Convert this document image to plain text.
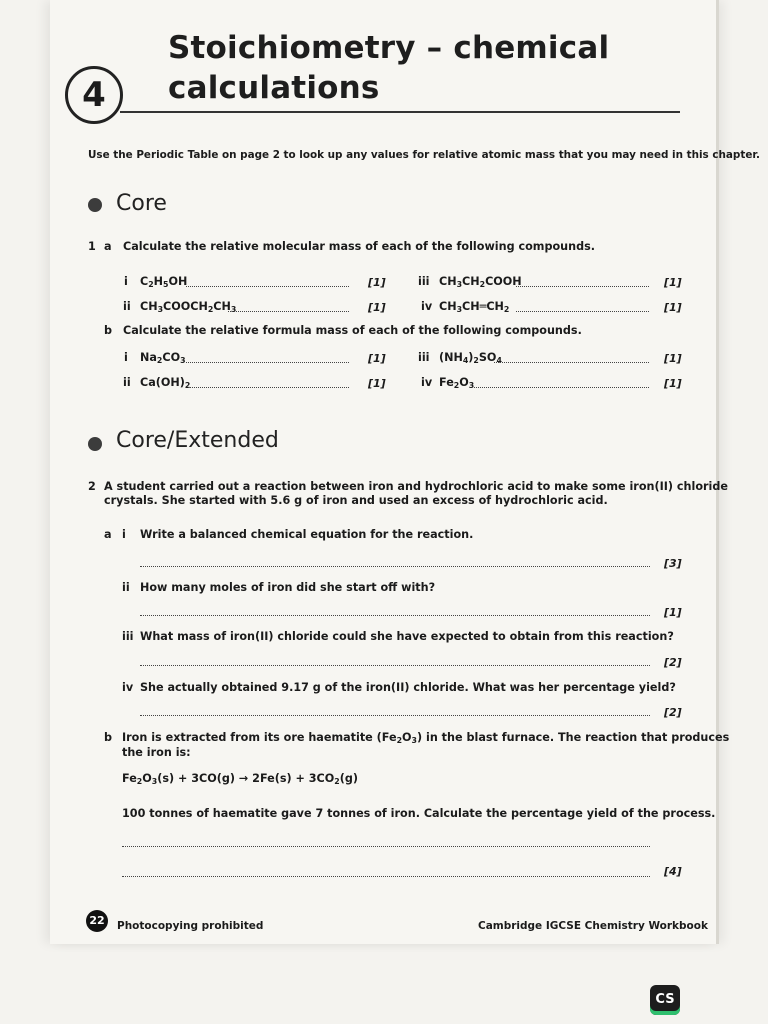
4
Stoichiometry – chemical
calculations
Use the Periodic Table on page 2 to look up any values for relative atomic mass that you may need in this chapter.
Core
1 a Calculate the relative molecular mass of each of the following compounds.
i $C_2H_5OH$	[1]	iii $CH_3CH_2COOH$	[1]
ii $CH_3COOCH_2CH_3$	[1]	iv $CH_3CH═CH_2$	[1]
b Calculate the relative formula mass of each of the following compounds.
i $Na_2CO_3$	[1]	iii $(NH_4)_2SO_4$	[1]
ii $Ca(OH)_2$	[1]	iv $Fe_2O_3$	[1]
Core/Extended
2 A student carried out a reaction between iron and hydrochloric acid to make some iron(II) chloride
crystals. She started with 5.6 g of iron and used an excess of hydrochloric acid.
a i Write a balanced chemical equation for the reaction.
[3]
ii How many moles of iron did she start off with?
[1]
iii What mass of iron(II) chloride could she have expected to obtain from this reaction?
[2]
iv She actually obtained 9.17 g of the iron(II) chloride. What was her percentage yield?
[2]
b Iron is extracted from its ore haematite $(Fe_2O_3)$ in the blast furnace. The reaction that produces
the iron is:
$Fe_2O_3(s) + 3CO(g) \to 2Fe(s) + 3CO_2(g)$
100 tonnes of haematite gave 7 tonnes of iron. Calculate the percentage yield of the process.
[4]
22	Photocopying prohibited	Cambridge IGCSE Chemistry Workbook
CS
